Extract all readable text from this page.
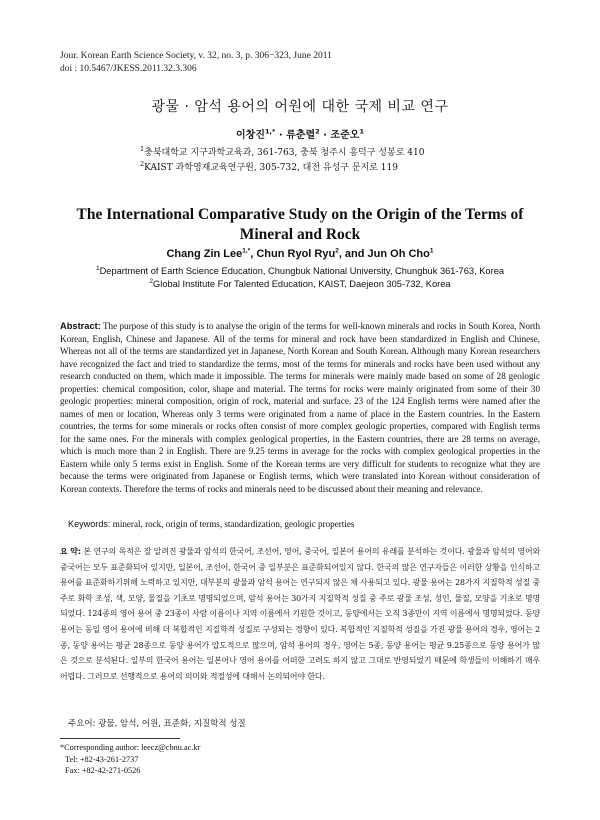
Jour. Korean Earth Science Society, v. 32, no. 3, p. 306−323, June 2011
doi : 10.5467/JKESS.2011.32.3.306
광물 · 암석 용어의 어원에 대한 국제 비교 연구
이창진$^{1,*}$ · 류춘렬$^2$ · 조준오$^1$
$^1$충북대학교 지구과학교육과, 361-763, 충북 청주시 흥덕구 성봉로 410
$^2$KAIST 과학영재교육연구원, 305-732, 대전 유성구 문지로 119
The International Comparative Study on the Origin of the Terms of
Mineral and Rock
Chang Zin Lee$^{1,*}$, Chun Ryol Ryu$^2$, and Jun Oh Cho$^1$
$^1$Department of Earth Science Education, Chungbuk National University, Chungbuk 361-763, Korea
$^2$Global Institute For Talented Education, KAIST, Daejeon 305-732, Korea
Abstract: The purpose of this study is to analyse the origin of the terms for well-known minerals and rocks in South Korea, North Korean, English, Chinese and Japanese. All of the terms for mineral and rock have been standardized in English and Chinese, Whereas not all of the terms are standardized yet in Japanese, North Korean and South Korean. Although many Korean researchers have recognized the fact and tried to standardize the terms, most of the terms for minerals and rocks have been used without any research conducted on them, which made it impossible. The terms for minerals were mainly made based on some of 28 geologic properties: chemical composition, color, shape and material. The terms for rocks were mainly originated from some of their 30 geologic properties: mineral composition, origin of rock, material and surface. 23 of the 124 English terms were named after the names of men or location, Whereas only 3 terms were originated from a name of place in the Eastern countries. In the Eastern countries, the terms for some minerals or rocks often consist of more complex geologic properties, compared with English terms for the same ones. For the minerals with complex geological properties, in the Eastern countries, there are 28 terms on average, which is much more than 2 in English. There are 9.25 terms in average for the rocks with complex geological properties in the Eastern while only 5 terms exist in English. Some of the Korean terms are very difficult for students to recognize what they are because the terms were originated from Japanese or English terms, which were translated into Korean without consideration of Korean contexts. Therefore the terms of rocks and minerals need to be discussed about their meaning and relevance.
Keywords: mineral, rock, origin of terms, standardization, geologic properties
요 약: 본 연구의 목적은 잘 알려진 광물과 암석의 한국어, 조선어, 영어, 중국어, 일본어 용어의 유래를 분석하는 것이다. 광물과 암석의 영어와 중국어는 모두 표준화되어 있지만, 일본어, 조선어, 한국어 중 일부분은 표준화되어있지 않다. 한국의 많은 연구자들은 이러한 상황을 인식하고 용어를 표준화하기위해 노력하고 있지만, 대부분의 광물과 암석 용어는 연구되지 않은 채 사용되고 있다. 광물 용어는 28가지 지질학적 성질 중 주로 화학 조성, 색, 모양, 물질을 기초로 명명되었으며, 암석 용어는 30가지 지질학적 성질 중 주로 광물 조성, 성인, 물질, 모양을 기초로 명명되었다. 124종의 영어 용어 중 23종이 사람 이름이나 지역 이름에서 기원한 것이고, 동양에서는 오직 3종만이 지역 이름에서 명명되었다. 동양 용어는 동일 영어 용어에 비해 더 복합적인 지질학적 성질로 구성되는 경향이 있다. 복합적인 지질학적 성질을 가진 광물 용어의 경우, 영어는 2종, 동양 용어는 평균 28종으로 동양 용어가 압도적으로 많으며, 암석 용어의 경우, 영어는 5종, 동양 용어는 평균 9.25종으로 동양 용어가 많은 것으로 분석된다. 일부의 한국어 용어는 일본어나 영어 용어를 어떠한 고려도 하지 않고 그대로 반영되었기 때문에 학생들이 이해하기 매우 어렵다. 그러므로 선행적으로 용어의 의미와 적절성에 대해서 논의되어야 한다.
주요어: 광물, 암석, 어원, 표준화, 지질학적 성질
*Corresponding author: leecz@cbnu.ac.kr
Tel: +82-43-261-2737
Fax: +82-42-271-0526
